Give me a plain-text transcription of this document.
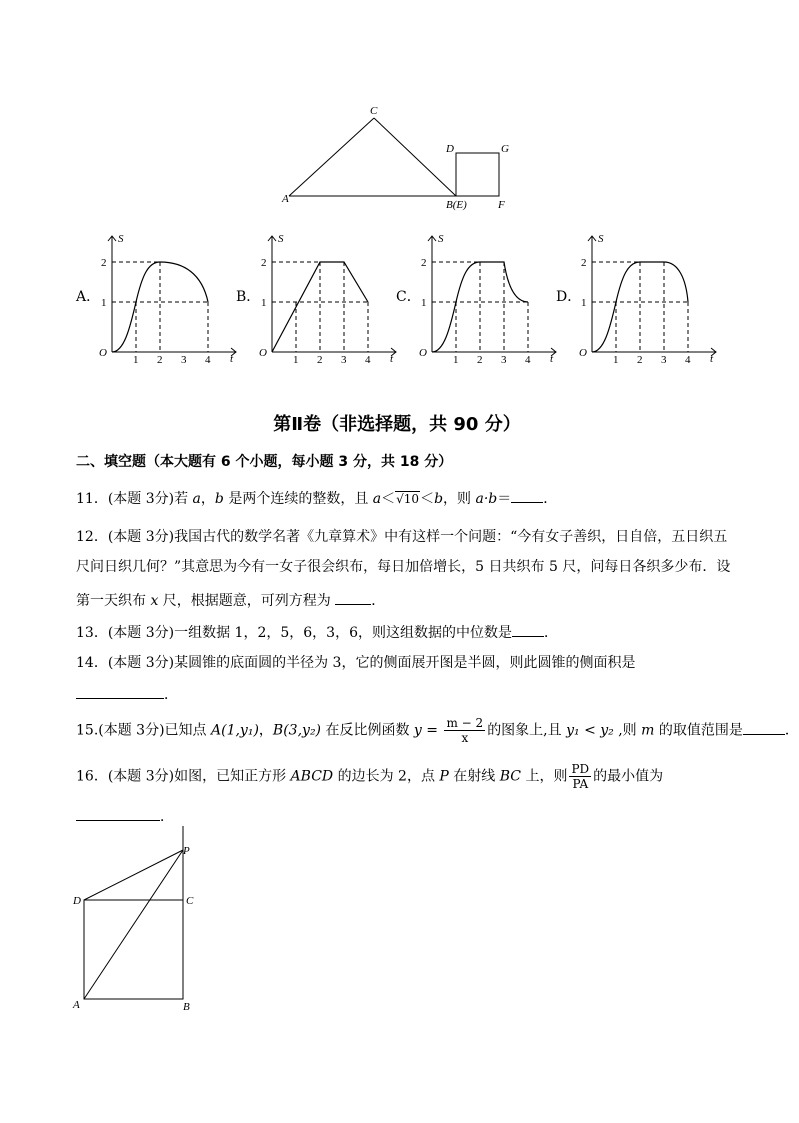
A
C
D	G
B(E)	F
A．	B．	C．	D．
S
t
O
1
2
1 2 3 4
S
t
O
1
2
1 2 3 4
S
t
O
1
2
1 2 3 4
S
t
O
1
2
1 2 3 4
第Ⅱ卷（非选择题，共 90 分）
二、填空题（本大题有 6 个小题，每小题 3 分，共 18 分）
11．(本题 3分)若 a，b 是两个连续的整数，且 a＜√10＜b，则 a·b＝ ．
12．(本题 3分)我国古代的数学名著《九章算术》中有这样一个问题：“今有女子善织，日自倍，五日织五
尺问日织几何？”其意思为今有一女子很会织布，每日加倍增长，5 日共织布 5 尺，问每日各织多少布．设
第一天织布 x 尺，根据题意，可列方程为	．
13．(本题 3分)一组数据 1，2，5，6，3，6，则这组数据的中位数是 ．
14．(本题 3分)某圆锥的底面圆的半径为 3，它的侧面展开图是半圆，则此圆锥的侧面积是
．
15.(本题 3分)已知点 A(1,y₁)，B(3,y₂) 在反比例函数 $y = \frac{m - 2}{x}$ 的图象上,且 y₁ < y₂ ,则 m 的取值范围是	．
16．(本题 3分)如图，已知正方形 ABCD 的边长为 2，点 P 在射线 BC 上，则 $\frac{PD}{PA}$ 的最小值为
．
P
D	C
A	B
